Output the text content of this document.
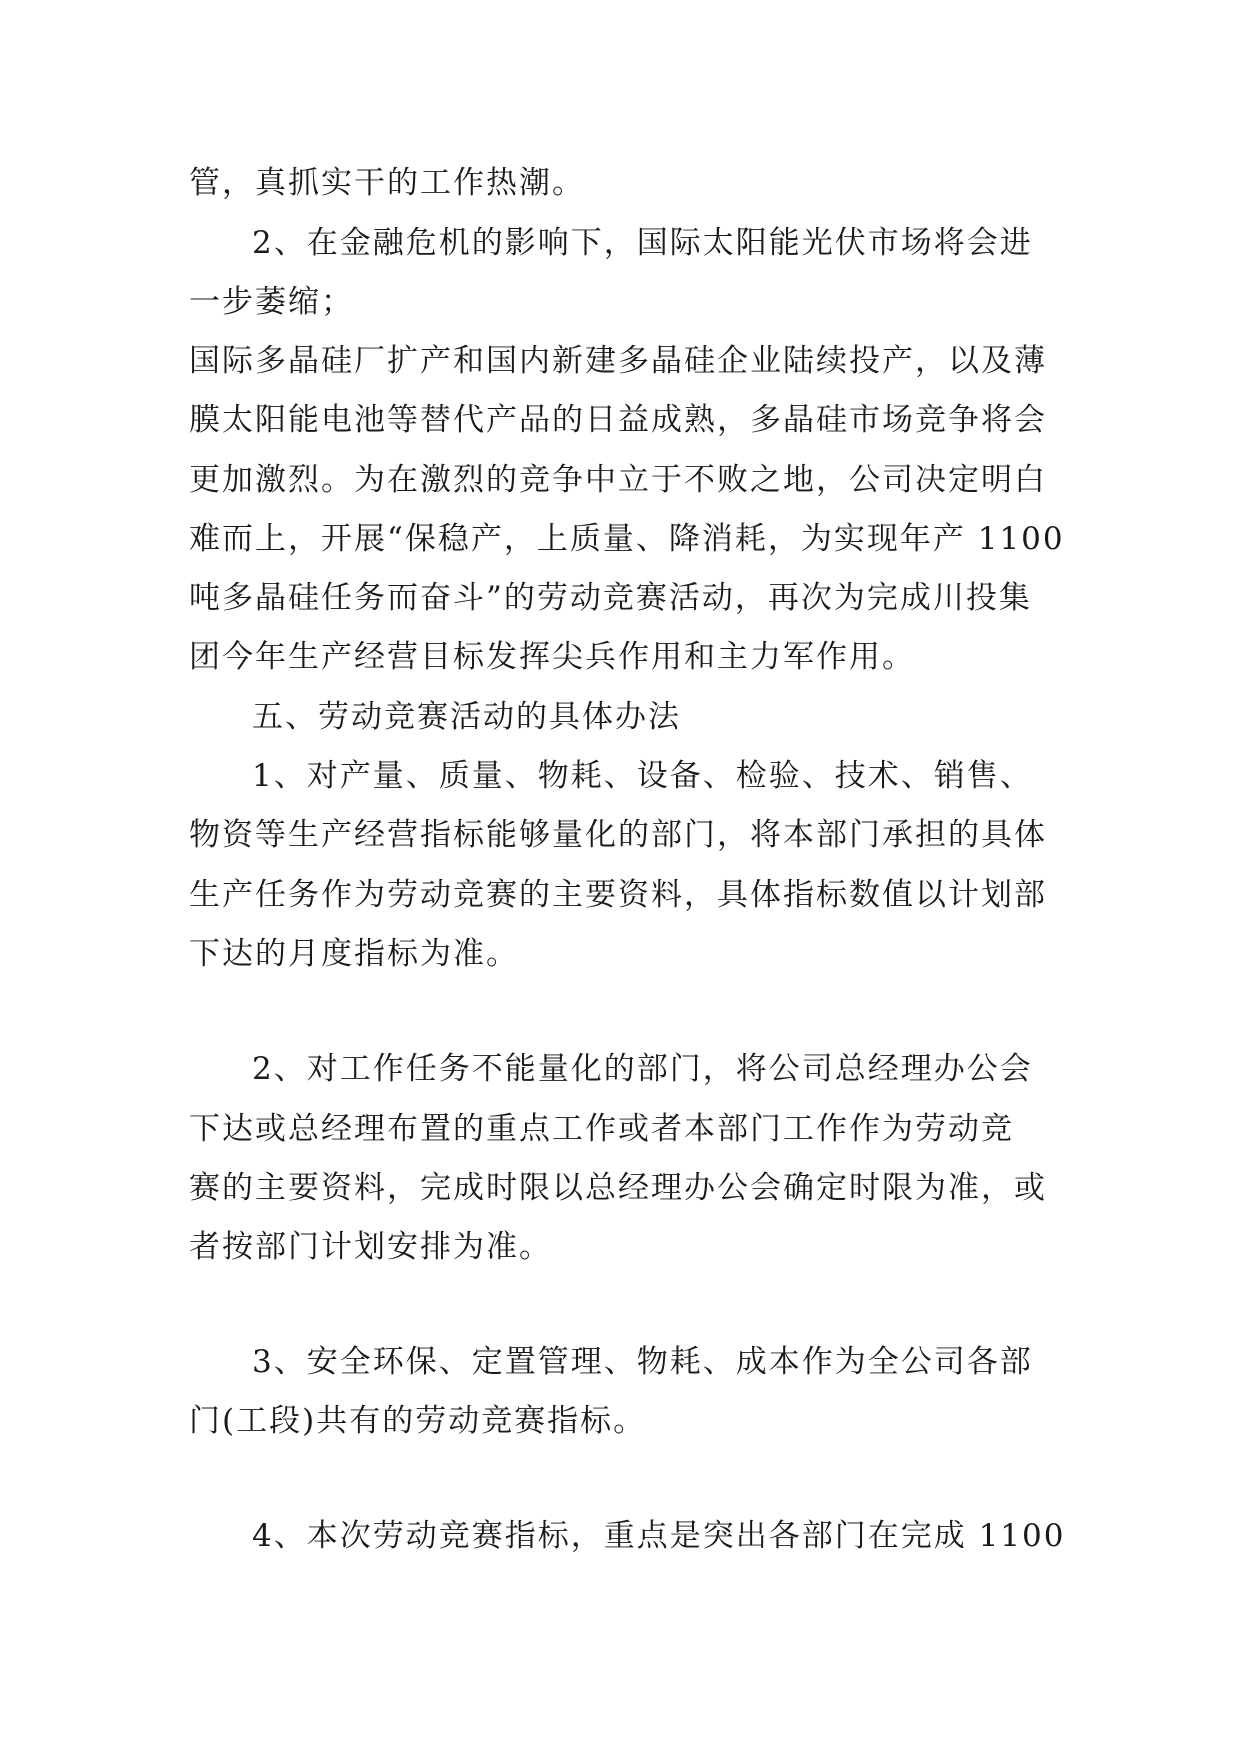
管，真抓实干的工作热潮。

2、在金融危机的影响下，国际太阳能光伏市场将会进

一步萎缩；

国际多晶硅厂扩产和国内新建多晶硅企业陆续投产，以及薄

膜太阳能电池等替代产品的日益成熟，多晶硅市场竞争将会

更加激烈。为在激烈的竞争中立于不败之地，公司决定明白

难而上，开展“保稳产，上质量、降消耗，为实现年产 1100

吨多晶硅任务而奋斗”的劳动竞赛活动，再次为完成川投集

团今年生产经营目标发挥尖兵作用和主力军作用。

五、劳动竞赛活动的具体办法

1、对产量、质量、物耗、设备、检验、技术、销售、

物资等生产经营指标能够量化的部门，将本部门承担的具体

生产任务作为劳动竞赛的主要资料，具体指标数值以计划部

下达的月度指标为准。

2、对工作任务不能量化的部门，将公司总经理办公会

下达或总经理布置的重点工作或者本部门工作作为劳动竞

赛的主要资料，完成时限以总经理办公会确定时限为准，或

者按部门计划安排为准。

3、安全环保、定置管理、物耗、成本作为全公司各部

门(工段)共有的劳动竞赛指标。

4、本次劳动竞赛指标，重点是突出各部门在完成 1100
